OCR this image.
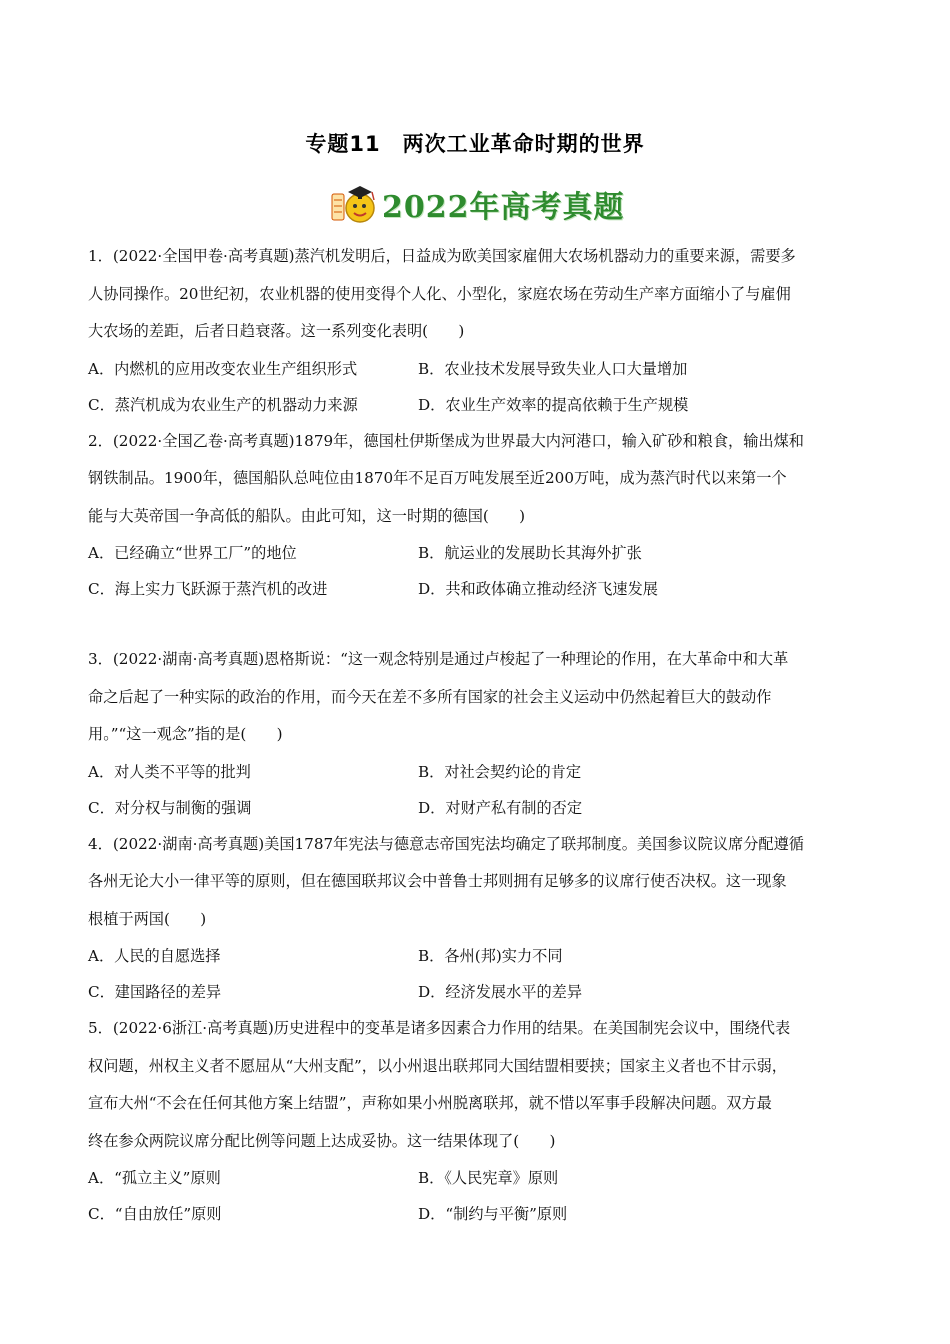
专题11　两次工业革命时期的世界
2022年高考真题
1．(2022·全国甲卷·高考真题)蒸汽机发明后，日益成为欧美国家雇佣大农场机器动力的重要来源，需要多
人协同操作。20世纪初，农业机器的使用变得个人化、小型化，家庭农场在劳动生产率方面缩小了与雇佣
大农场的差距，后者日趋衰落。这一系列变化表明(　　)
A．内燃机的应用改变农业生产组织形式	B．农业技术发展导致失业人口大量增加
C．蒸汽机成为农业生产的机器动力来源	D．农业生产效率的提高依赖于生产规模
2．(2022·全国乙卷·高考真题)1879年，德国杜伊斯堡成为世界最大内河港口，输入矿砂和粮食，输出煤和
钢铁制品。1900年，德国船队总吨位由1870年不足百万吨发展至近200万吨，成为蒸汽时代以来第一个
能与大英帝国一争高低的船队。由此可知，这一时期的德国(　　)
A．已经确立“世界工厂”的地位	B．航运业的发展助长其海外扩张
C．海上实力飞跃源于蒸汽机的改进	D．共和政体确立推动经济飞速发展
3．(2022·湖南·高考真题)恩格斯说：“这一观念特别是通过卢梭起了一种理论的作用，在大革命中和大革
命之后起了一种实际的政治的作用，而今天在差不多所有国家的社会主义运动中仍然起着巨大的鼓动作
用。”“这一观念”指的是(　　)
A．对人类不平等的批判	B．对社会契约论的肯定
C．对分权与制衡的强调	D．对财产私有制的否定
4．(2022·湖南·高考真题)美国1787年宪法与德意志帝国宪法均确定了联邦制度。美国参议院议席分配遵循
各州无论大小一律平等的原则，但在德国联邦议会中普鲁士邦则拥有足够多的议席行使否决权。这一现象
根植于两国(　　)
A．人民的自愿选择	B．各州(邦)实力不同
C．建国路径的差异	D．经济发展水平的差异
5．(2022·6浙江·高考真题)历史进程中的变革是诸多因素合力作用的结果。在美国制宪会议中，围绕代表
权问题，州权主义者不愿屈从“大州支配”，以小州退出联邦同大国结盟相要挟；国家主义者也不甘示弱，
宣布大州“不会在任何其他方案上结盟”，声称如果小州脱离联邦，就不惜以军事手段解决问题。双方最
终在参众两院议席分配比例等问题上达成妥协。这一结果体现了(　　)
A．“孤立主义”原则	B．《人民宪章》原则
C．“自由放任”原则	D．“制约与平衡”原则
